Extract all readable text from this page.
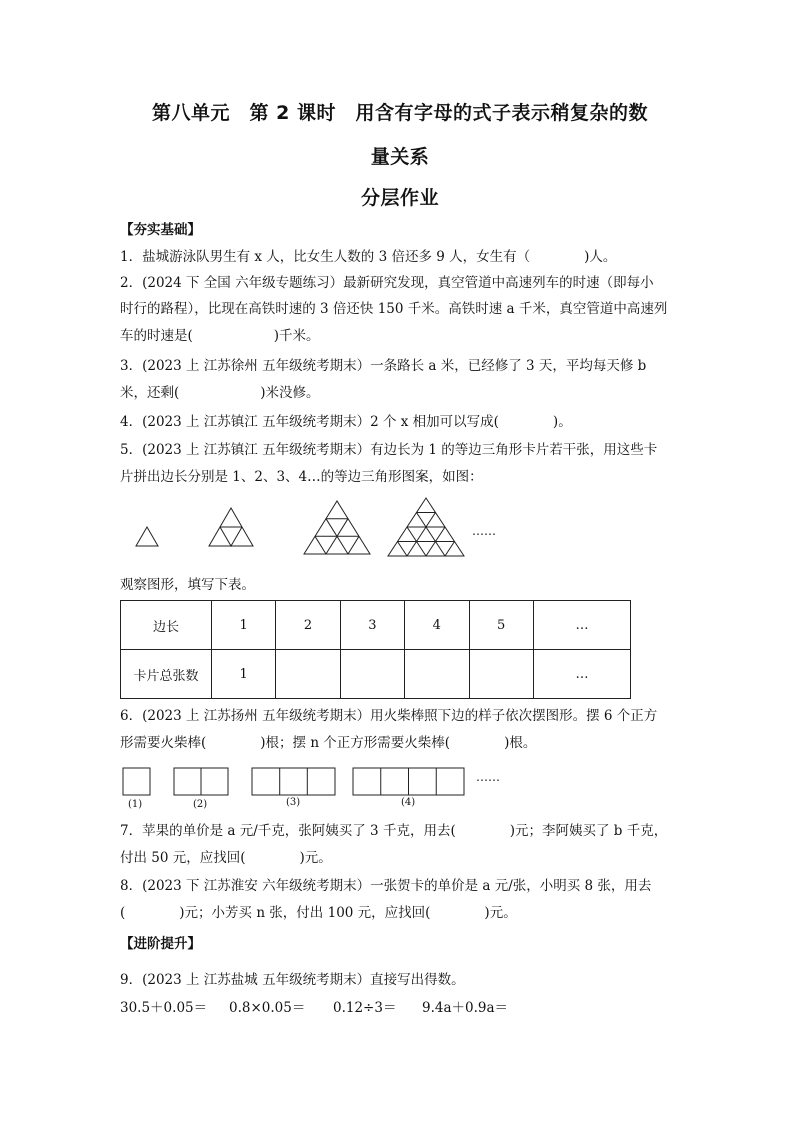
第八单元　第 2 课时　用含有字母的式子表示稍复杂的数
量关系
分层作业
【夯实基础】
1．盐城游泳队男生有 x 人，比女生人数的 3 倍还多 9 人，女生有（　　　　)人。
2．(2024 下 全国 六年级专题练习）最新研究发现，真空管道中高速列车的时速（即每小
时行的路程），比现在高铁时速的 3 倍还快 150 千米。高铁时速 a 千米，真空管道中高速列
车的时速是(　　　　　　)千米。
3．(2023 上 江苏徐州 五年级统考期末）一条路长 a 米，已经修了 3 天，平均每天修 b
米，还剩(　　　　　　)米没修。
4．(2023 上 江苏镇江 五年级统考期末）2 个 x 相加可以写成(　　　　)。
5．(2023 上 江苏镇江 五年级统考期末）有边长为 1 的等边三角形卡片若干张，用这些卡
片拼出边长分别是 1、2、3、4…的等边三角形图案，如图：
……
观察图形，填写下表。
边长	1	2	3	4	5	…
卡片总张数	1					…
6．(2023 上 江苏扬州 五年级统考期末）用火柴棒照下边的样子依次摆图形。摆 6 个正方
形需要火柴棒(　　　　)根；摆 n 个正方形需要火柴棒(　　　　)根。
……
(1)	(2)	(3)	(4)
7．苹果的单价是 a 元/千克，张阿姨买了 3 千克，用去(　　　　)元；李阿姨买了 b 千克，
付出 50 元，应找回(　　　　)元。
8．(2023 下 江苏淮安 六年级统考期末）一张贺卡的单价是 a 元/张，小明买 8 张，用去
(　　　　)元；小芳买 n 张，付出 100 元，应找回(　　　　)元。
【进阶提升】
9．(2023 上 江苏盐城 五年级统考期末）直接写出得数。
30.5＋0.05＝ 0.8×0.05＝ 0.12÷3＝ 9.4a＋0.9a＝
